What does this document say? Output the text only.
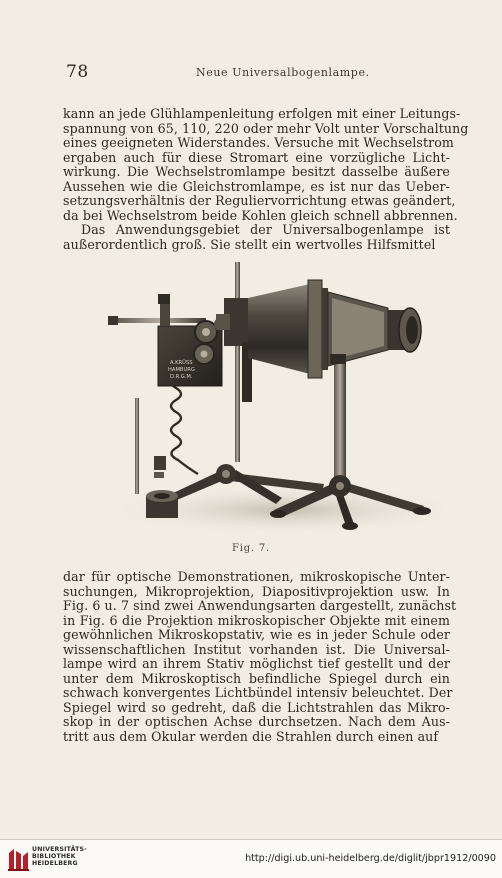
78	Neue Universalbogenlampe.

kann an jede Glühlampenleitung erfolgen mit einer Leitungs-
spannung von 65, 110, 220 oder mehr Volt unter Vorschaltung
eines geeigneten Widerstandes. Versuche mit Wechselstrom
ergaben auch für diese Stromart eine vorzügliche Licht-
wirkung. Die Wechselstromlampe besitzt dasselbe äußere
Aussehen wie die Gleichstromlampe, es ist nur das Ueber-
setzungsverhältnis der Reguliervorrichtung etwas geändert,
da bei Wechselstrom beide Kohlen gleich schnell abbrennen.

Das Anwendungsgebiet der Universalbogenlampe ist
außerordentlich groß. Sie stellt ein wertvolles Hilfsmittel

A.KRÜSS
HAMBURG
D.R.G.M.
Fig. 7.

dar für optische Demonstrationen, mikroskopische Unter-
suchungen, Mikroprojektion, Diapositivprojektion usw. In
Fig. 6 u. 7 sind zwei Anwendungsarten dargestellt, zunächst
in Fig. 6 die Projektion mikroskopischer Objekte mit einem
gewöhnlichen Mikroskopstativ, wie es in jeder Schule oder
wissenschaftlichen Institut vorhanden ist. Die Universal-
lampe wird an ihrem Stativ möglichst tief gestellt und der
unter dem Mikroskoptisch befindliche Spiegel durch ein
schwach konvergentes Lichtbündel intensiv beleuchtet. Der
Spiegel wird so gedreht, daß die Lichtstrahlen das Mikro-
skop in der optischen Achse durchsetzen. Nach dem Aus-
tritt aus dem Okular werden die Strahlen durch einen auf

UNIVERSITÄTS-
BIBLIOTHEK
HEIDELBERG	http://digi.ub.uni-heidelberg.de/diglit/jbpr1912/0090
